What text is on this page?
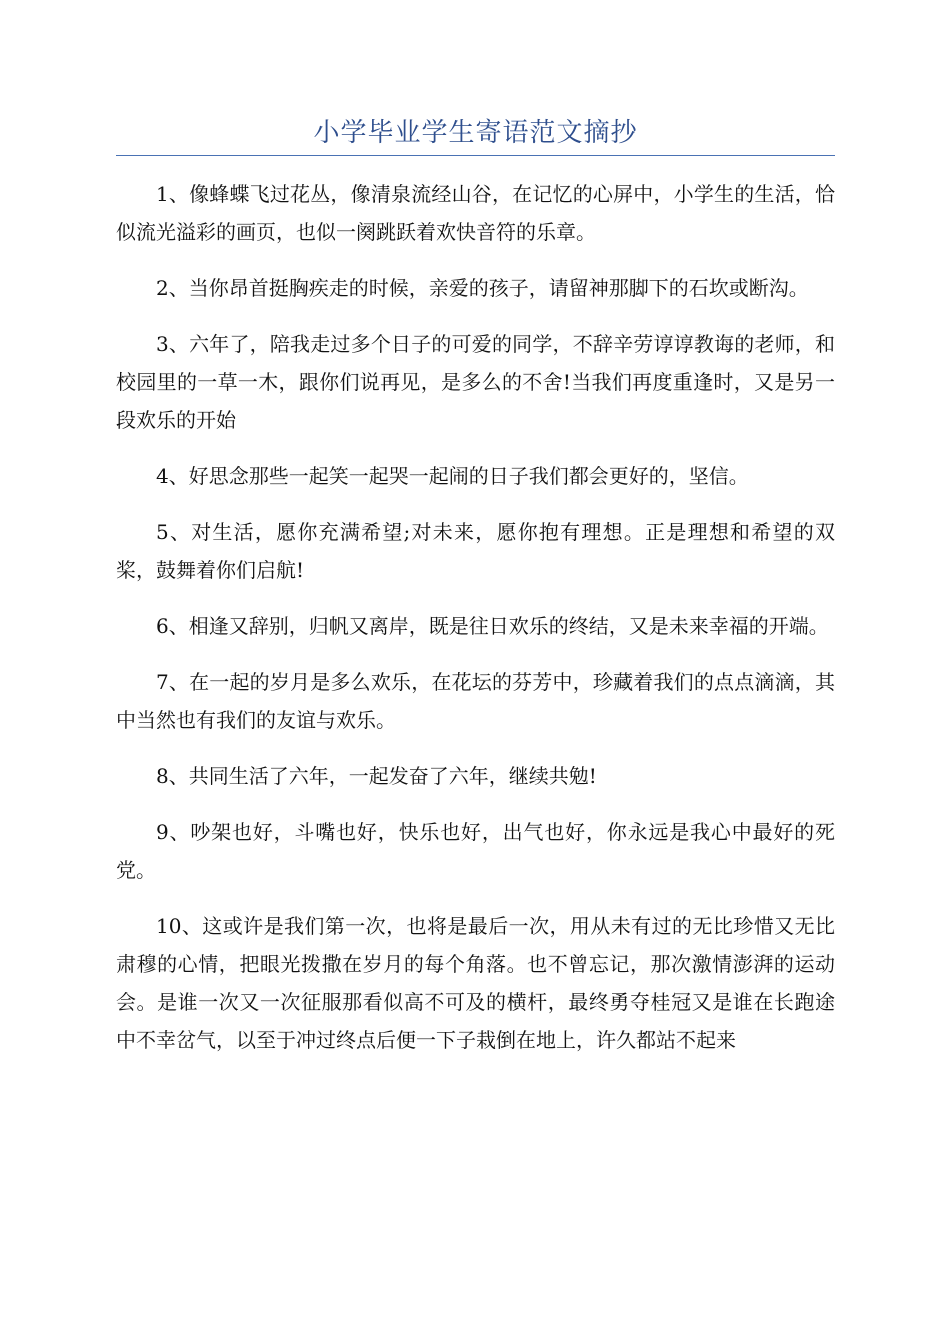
小学毕业学生寄语范文摘抄

1、像蜂蝶飞过花丛，像清泉流经山谷，在记忆的心屏中，小学生的生活，恰似流光溢彩的画页，也似一阕跳跃着欢快音符的乐章。

2、当你昂首挺胸疾走的时候，亲爱的孩子，请留神那脚下的石坎或断沟。

3、六年了，陪我走过多个日子的可爱的同学，不辞辛劳谆谆教诲的老师，和校园里的一草一木，跟你们说再见，是多么的不舍!当我们再度重逢时，又是另一段欢乐的开始

4、好思念那些一起笑一起哭一起闹的日子我们都会更好的，坚信。

5、对生活，愿你充满希望;对未来，愿你抱有理想。正是理想和希望的双桨，鼓舞着你们启航!

6、相逢又辞别，归帆又离岸，既是往日欢乐的终结，又是未来幸福的开端。

7、在一起的岁月是多么欢乐，在花坛的芬芳中，珍藏着我们的点点滴滴，其中当然也有我们的友谊与欢乐。

8、共同生活了六年，一起发奋了六年，继续共勉!

9、吵架也好，斗嘴也好，快乐也好，出气也好，你永远是我心中最好的死党。

10、这或许是我们第一次，也将是最后一次，用从未有过的无比珍惜又无比肃穆的心情，把眼光拨撒在岁月的每个角落。也不曾忘记，那次激情澎湃的运动会。是谁一次又一次征服那看似高不可及的横杆，最终勇夺桂冠又是谁在长跑途中不幸岔气，以至于冲过终点后便一下子栽倒在地上，许久都站不起来
